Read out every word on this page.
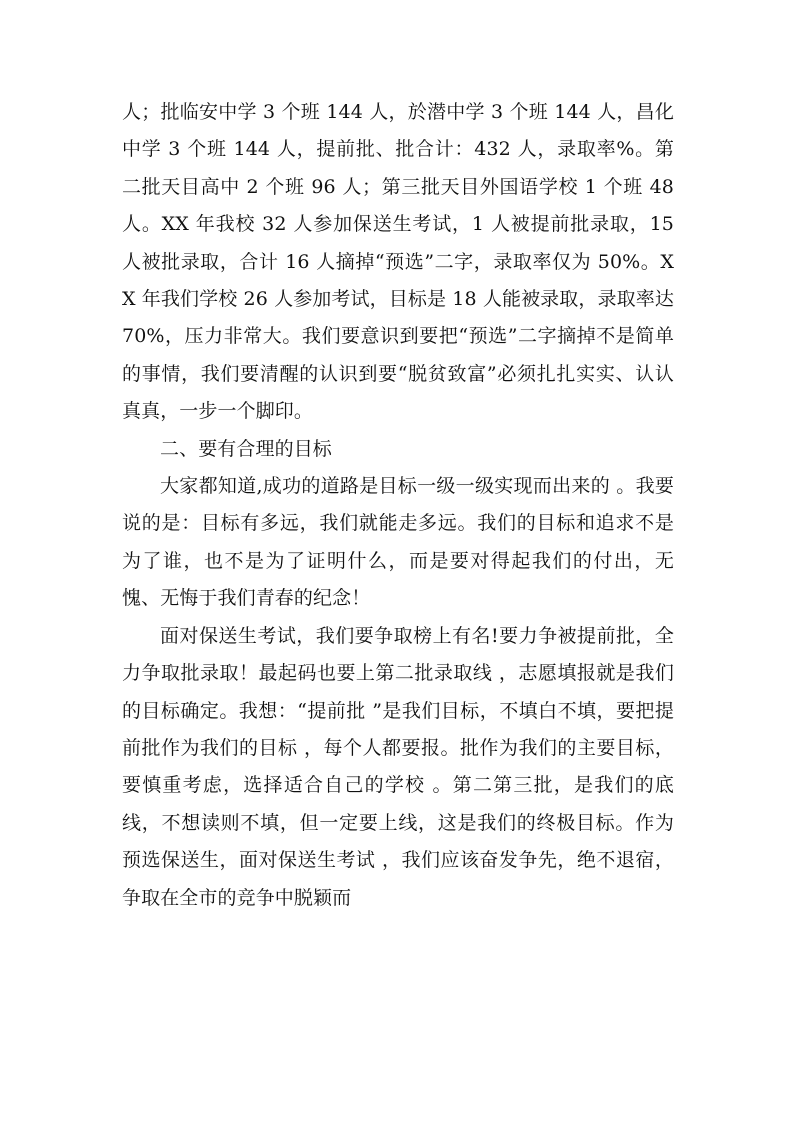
人；批临安中学 3 个班 144 人，於潜中学 3 个班 144 人，昌化中学 3 个班 144 人，提前批、批合计：432 人，录取率%。第二批天目高中 2 个班 96 人；第三批天目外国语学校 1 个班 48 人。XX 年我校 32 人参加保送生考试，1 人被提前批录取，15 人被批录取，合计 16 人摘掉“预选”二字，录取率仅为 50%。XX 年我们学校 26 人参加考试，目标是 18 人能被录取，录取率达 70%，压力非常大。我们要意识到要把“预选”二字摘掉不是简单的事情，我们要清醒的认识到要“脱贫致富”必须扎扎实实、认认真真，一步一个脚印。

二、要有合理的目标

大家都知道,成功的道路是目标一级一级实现而出来的 。我要说的是：目标有多远，我们就能走多远。我们的目标和追求不是为了谁，也不是为了证明什么，而是要对得起我们的付出，无愧、无悔于我们青春的纪念！

面对保送生考试，我们要争取榜上有名!要力争被提前批，全力争取批录取！最起码也要上第二批录取线 ，志愿填报就是我们的目标确定。我想：“提前批 ”是我们目标，不填白不填，要把提前批作为我们的目标 ，每个人都要报。批作为我们的主要目标，要慎重考虑，选择适合自己的学校 。第二第三批，是我们的底线，不想读则不填，但一定要上线，这是我们的终极目标。作为预选保送生，面对保送生考试 ，我们应该奋发争先，绝不退宿，争取在全市的竞争中脱颖而
